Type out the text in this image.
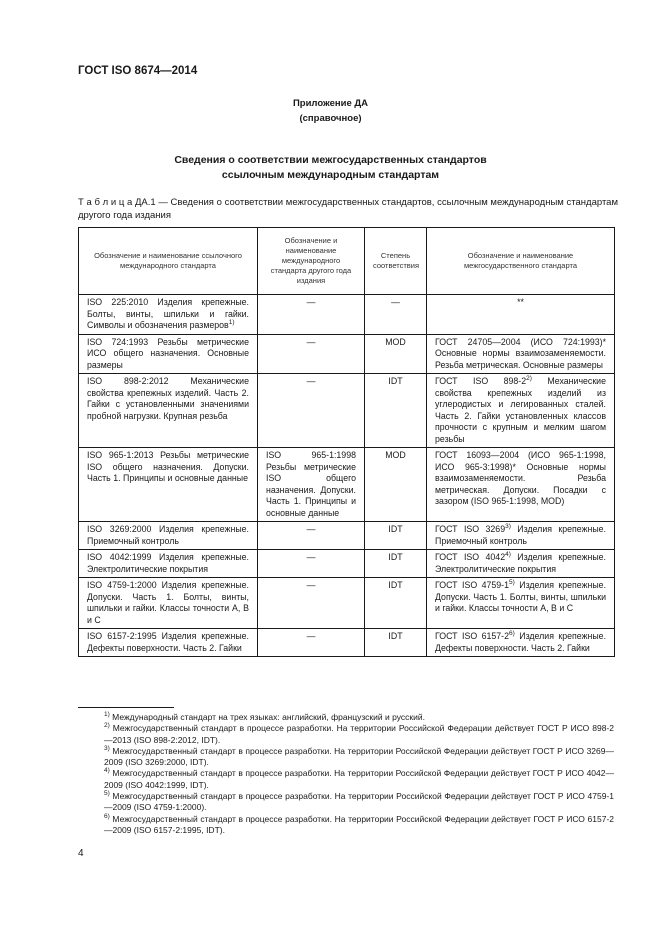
ГОСТ ISO 8674—2014
Приложение ДА
(справочное)
Сведения о соответствии межгосударственных стандартов
ссылочным международным стандартам
Т а б л и ц а ДА.1 — Сведения о соответствии межгосударственных стандартов, ссылочным международным стандартам другого года издания
Обозначение и наименование ссылочного международного стандарта	Обозначение и наименование международного стандарта другого года издания	Степень соответствия	Обозначение и наименование межгосударственного стандарта
ISO 225:2010 Изделия крепежные. Болты, винты, шпильки и гайки. Символы и обозначения размеров$^{1)}$	—	—	**
ISO 724:1993 Резьбы метрические ИСО общего назначения. Основные размеры	—	MOD	ГОСТ 24705—2004 (ИСО 724:1993)* Основные нормы взаимозаменяемости. Резьба метрическая. Основные размеры
ISO 898-2:2012 Механические свойства крепежных изделий. Часть 2. Гайки с установленными значениями пробной нагрузки. Крупная резьба	—	IDT	ГОСТ ISO 898-2$^{2)}$ Механические свойства крепежных изделий из углеродистых и легированных сталей. Часть 2. Гайки установленных классов прочности с крупным и мелким шагом резьбы
ISO 965-1:2013 Резьбы метрические ISO общего назначения. Допуски. Часть 1. Принципы и основные данные	ISO 965-1:1998 Резьбы метрические ISO общего назначения. Допуски. Часть 1. Принципы и основные данные	MOD	ГОСТ 16093—2004 (ИСО 965-1:1998, ИСО 965-3:1998)* Основные нормы взаимозаменяемости. Резьба метрическая. Допуски. Посадки с зазором (ISO 965-1:1998, MOD)
ISO 3269:2000 Изделия крепежные. Приемочный контроль	—	IDT	ГОСТ ISO 3269$^{3)}$ Изделия крепежные. Приемочный контроль
ISO 4042:1999 Изделия крепежные. Электролитические покрытия	—	IDT	ГОСТ ISO 4042$^{4)}$ Изделия крепежные. Электролитические покрытия
ISO 4759-1:2000 Изделия крепежные. Допуски. Часть 1. Болты, винты, шпильки и гайки. Классы точности А, В и С	—	IDT	ГОСТ ISO 4759-1$^{5)}$ Изделия крепежные. Допуски. Часть 1. Болты, винты, шпильки и гайки. Классы точности А, В и С
ISO 6157-2:1995 Изделия крепежные. Дефекты поверхности. Часть 2. Гайки	—	IDT	ГОСТ ISO 6157-2$^{6)}$ Изделия крепежные. Дефекты поверхности. Часть 2. Гайки

$^{1)}$ Международный стандарт на трех языках: английский, французский и русский.

$^{2)}$ Межгосударственный стандарт в процессе разработки. На территории Российской Федерации действует ГОСТ Р ИСО 898-2—2013 (ISO 898-2:2012, IDT).

$^{3)}$ Межгосударственный стандарт в процессе разработки. На территории Российской Федерации действует ГОСТ Р ИСО 3269—2009 (ISO 3269:2000, IDT).

$^{4)}$ Межгосударственный стандарт в процессе разработки. На территории Российской Федерации действует ГОСТ Р ИСО 4042—2009 (ISO 4042:1999, IDT).

$^{5)}$ Межгосударственный стандарт в процессе разработки. На территории Российской Федерации действует ГОСТ Р ИСО 4759-1—2009 (ISO 4759-1:2000).

$^{6)}$ Межгосударственный стандарт в процессе разработки. На территории Российской Федерации действует ГОСТ Р ИСО 6157-2—2009 (ISO 6157-2:1995, IDT).

4
